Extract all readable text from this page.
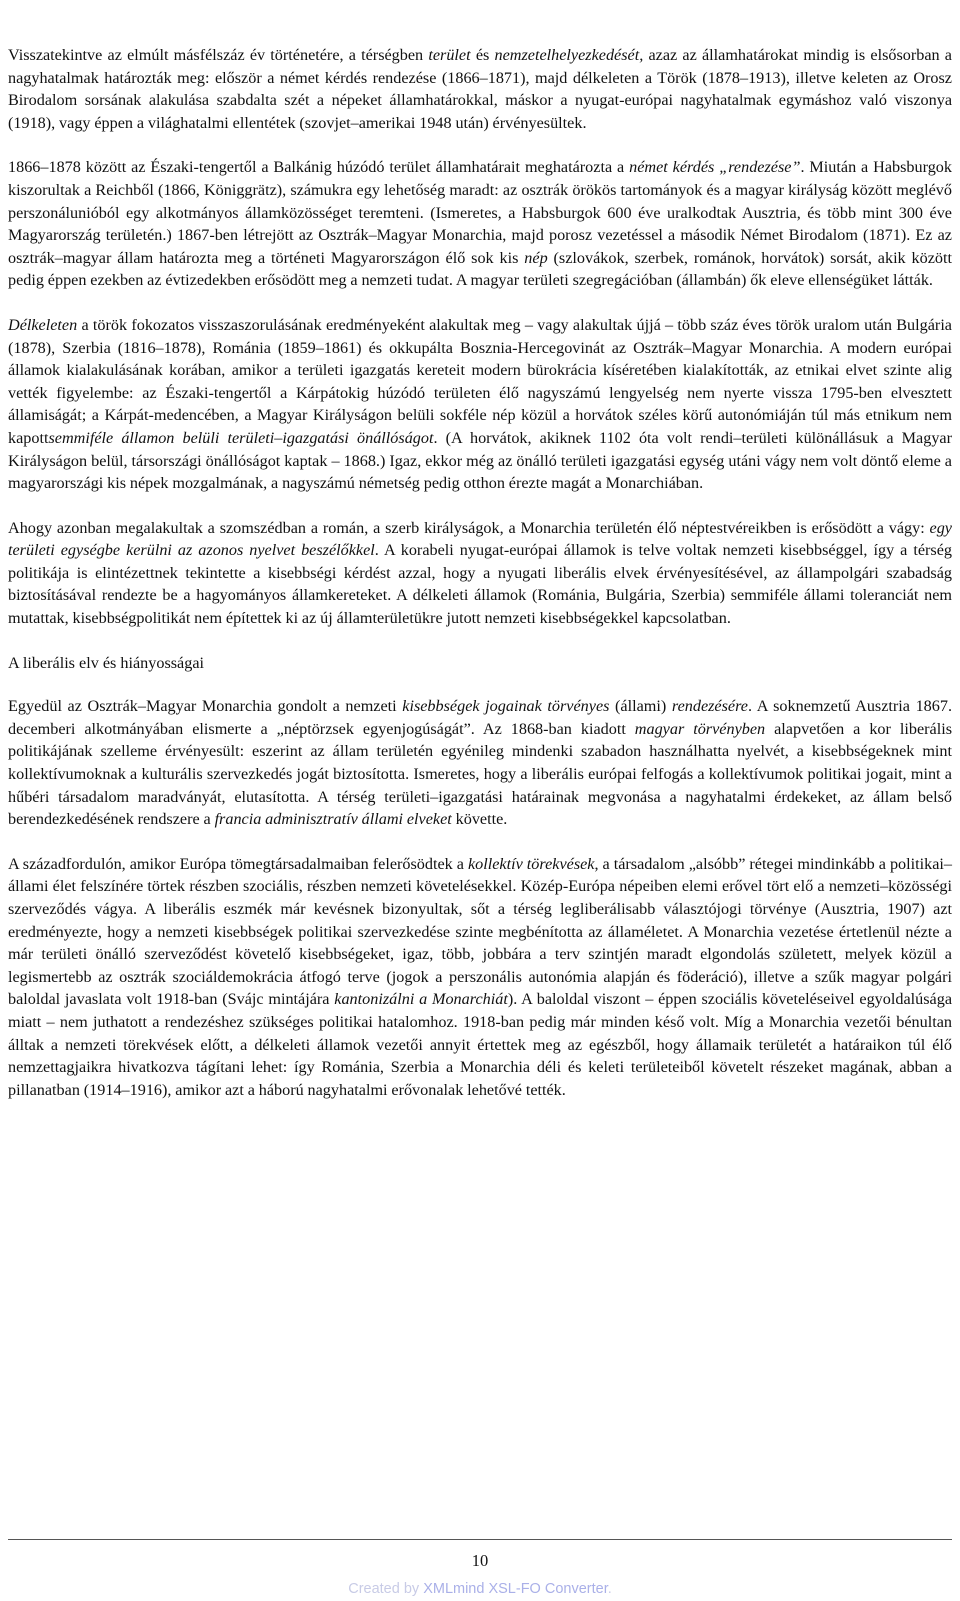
Visszatekintve az elmúlt másfélszáz év történetére, a térségben terület és nemzetelhelyezkedését, azaz az államhatárokat mindig is elsősorban a nagyhatalmak határozták meg: először a német kérdés rendezése (1866–1871), majd délkeleten a Török (1878–1913), illetve keleten az Orosz Birodalom sorsának alakulása szabdalta szét a népeket államhatárokkal, máskor a nyugat-európai nagyhatalmak egymáshoz való viszonya (1918), vagy éppen a világhatalmi ellentétek (szovjet–amerikai 1948 után) érvényesültek.

1866–1878 között az Északi-tengertől a Balkánig húzódó terület államhatárait meghatározta a német kérdés „rendezése”. Miután a Habsburgok kiszorultak a Reichből (1866, Königgrätz), számukra egy lehetőség maradt: az osztrák örökös tartományok és a magyar királyság között meglévő perszonálunióból egy alkotmányos államközösséget teremteni. (Ismeretes, a Habsburgok 600 éve uralkodtak Ausztria, és több mint 300 éve Magyarország területén.) 1867-ben létrejött az Osztrák–Magyar Monarchia, majd porosz vezetéssel a második Német Birodalom (1871). Ez az osztrák–magyar állam határozta meg a történeti Magyarországon élő sok kis nép (szlovákok, szerbek, románok, horvátok) sorsát, akik között pedig éppen ezekben az évtizedekben erősödött meg a nemzeti tudat. A magyar területi szegregációban (állambán) ők eleve ellenségüket látták.

Délkeleten a török fokozatos visszaszorulásának eredményeként alakultak meg – vagy alakultak újjá – több száz éves török uralom után Bulgária (1878), Szerbia (1816–1878), Románia (1859–1861) és okkupálta Bosznia-Hercegovinát az Osztrák–Magyar Monarchia. A modern európai államok kialakulásának korában, amikor a területi igazgatás kereteit modern bürokrácia kíséretében kialakították, az etnikai elvet szinte alig vették figyelembe: az Északi-tengertől a Kárpátokig húzódó területen élő nagyszámú lengyelség nem nyerte vissza 1795-ben elvesztett államiságát; a Kárpát-medencében, a Magyar Királyságon belüli sokféle nép közül a horvátok széles körű autonómiáján túl más etnikum nem kapottsemmiféle államon belüli területi–igazgatási önállóságot. (A horvátok, akiknek 1102 óta volt rendi–területi különállásuk a Magyar Királyságon belül, társországi önállóságot kaptak – 1868.) Igaz, ekkor még az önálló területi igazgatási egység utáni vágy nem volt döntő eleme a magyarországi kis népek mozgalmának, a nagyszámú németség pedig otthon érezte magát a Monarchiában.

Ahogy azonban megalakultak a szomszédban a román, a szerb királyságok, a Monarchia területén élő néptestvéreikben is erősödött a vágy: egy területi egységbe kerülni az azonos nyelvet beszélőkkel. A korabeli nyugat-európai államok is telve voltak nemzeti kisebbséggel, így a térség politikája is elintézettnek tekintette a kisebbségi kérdést azzal, hogy a nyugati liberális elvek érvényesítésével, az állampolgári szabadság biztosításával rendezte be a hagyományos államkereteket. A délkeleti államok (Románia, Bulgária, Szerbia) semmiféle állami toleranciát nem mutattak, kisebbségpolitikát nem építettek ki az új államterületükre jutott nemzeti kisebbségekkel kapcsolatban.

A liberális elv és hiányosságai

Egyedül az Osztrák–Magyar Monarchia gondolt a nemzeti kisebbségek jogainak törvényes (állami) rendezésére. A soknemzetű Ausztria 1867. decemberi alkotmányában elismerte a „néptörzsek egyenjogúságát”. Az 1868-ban kiadott magyar törvényben alapvetően a kor liberális politikájának szelleme érvényesült: eszerint az állam területén egyénileg mindenki szabadon használhatta nyelvét, a kisebbségeknek mint kollektívumoknak a kulturális szervezkedés jogát biztosította. Ismeretes, hogy a liberális európai felfogás a kollektívumok politikai jogait, mint a hűbéri társadalom maradványát, elutasította. A térség területi–igazgatási határainak megvonása a nagyhatalmi érdekeket, az állam belső berendezkedésének rendszere a francia adminisztratív állami elveket követte.

A századfordulón, amikor Európa tömegtársadalmaiban felerősödtek a kollektív törekvések, a társadalom „alsóbb” rétegei mindinkább a politikai–állami élet felszínére törtek részben szociális, részben nemzeti követelésekkel. Közép-Európa népeiben elemi erővel tört elő a nemzeti–közösségi szerveződés vágya. A liberális eszmék már kevésnek bizonyultak, sőt a térség legliberálisabb választójogi törvénye (Ausztria, 1907) azt eredményezte, hogy a nemzeti kisebbségek politikai szervezkedése szinte megbénította az államéletet. A Monarchia vezetése értetlenül nézte a már területi önálló szerveződést követelő kisebbségeket, igaz, több, jobbára a terv szintjén maradt elgondolás született, melyek közül a legismertebb az osztrák szociáldemokrácia átfogó terve (jogok a perszonális autonómia alapján és föderáció), illetve a szűk magyar polgári baloldal javaslata volt 1918-ban (Svájc mintájára kantonizálni a Monarchiát). A baloldal viszont – éppen szociális követeléseivel egyoldalúsága miatt – nem juthatott a rendezéshez szükséges politikai hatalomhoz. 1918-ban pedig már minden késő volt. Míg a Monarchia vezetői bénultan álltak a nemzeti törekvések előtt, a délkeleti államok vezetői annyit értettek meg az egészből, hogy államaik területét a határaikon túl élő nemzettagjaikra hivatkozva tágítani lehet: így Románia, Szerbia a Monarchia déli és keleti területeiből követelt részeket magának, abban a pillanatban (1914–1916), amikor azt a háború nagyhatalmi erővonalak lehetővé tették.

10
Created by XMLmind XSL-FO Converter.
